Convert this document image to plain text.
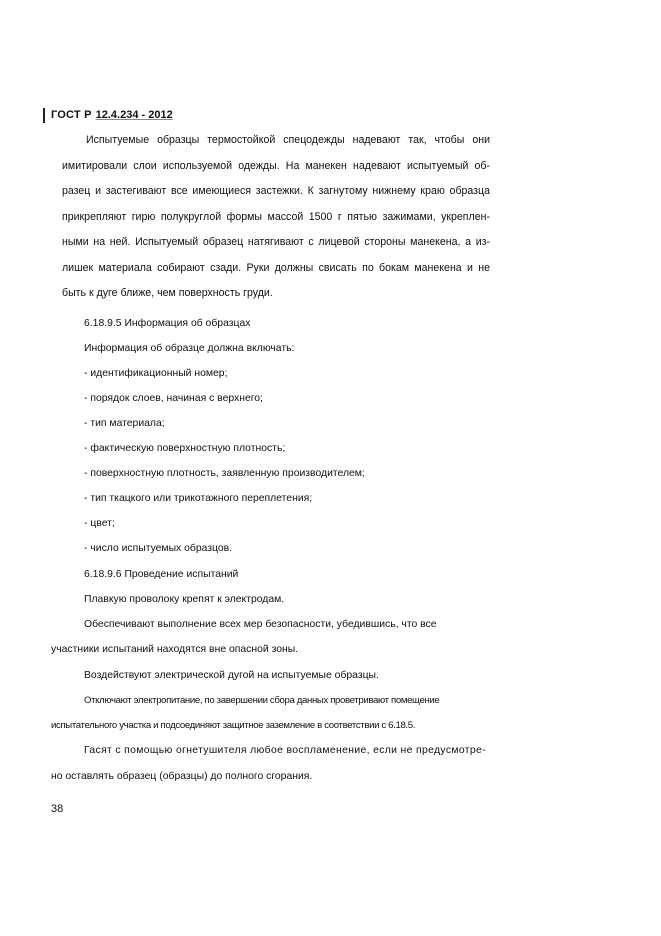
ГОСТ Р 12.4.234 - 2012
Испытуемые образцы термостойкой спецодежды надевают так, чтобы они имитировали слои используемой одежды. На манекен надевают испытуемый об-разец и застегивают все имеющиеся застежки. К загнутому нижнему краю образца прикрепляют гирю полукруглой формы массой 1500 г пятью зажимами, укреплен-ными на ней. Испытуемый образец натягивают с лицевой стороны манекена, а из-лишек материала собирают сзади. Руки должны свисать по бокам манекена и не быть к дуге ближе, чем поверхность груди.
6.18.9.5 Информация об образцах
Информация об образце должна включать:
- идентификационный номер;
- порядок слоев, начиная с верхнего;
- тип материала;
- фактическую поверхностную плотность;
- поверхностную плотность, заявленную производителем;
- тип ткацкого или трикотажного переплетения;
- цвет;
- число испытуемых образцов.
6.18.9.6 Проведение испытаний
Плавкую проволоку крепят к электродам.
Обеспечивают выполнение всех мер безопасности, убедившись, что все
участники испытаний находятся вне опасной зоны.
Воздействуют электрической дугой на испытуемые образцы.
Отключают электропитание, по завершении сбора данных проветривают помещение
испытательного участка и подсоединяют защитное заземление в соответствии с 6.18.5.
Гасят с помощью огнетушителя любое воспламенение, если не предусмотре-
но оставлять образец (образцы) до полного сгорания.
38
